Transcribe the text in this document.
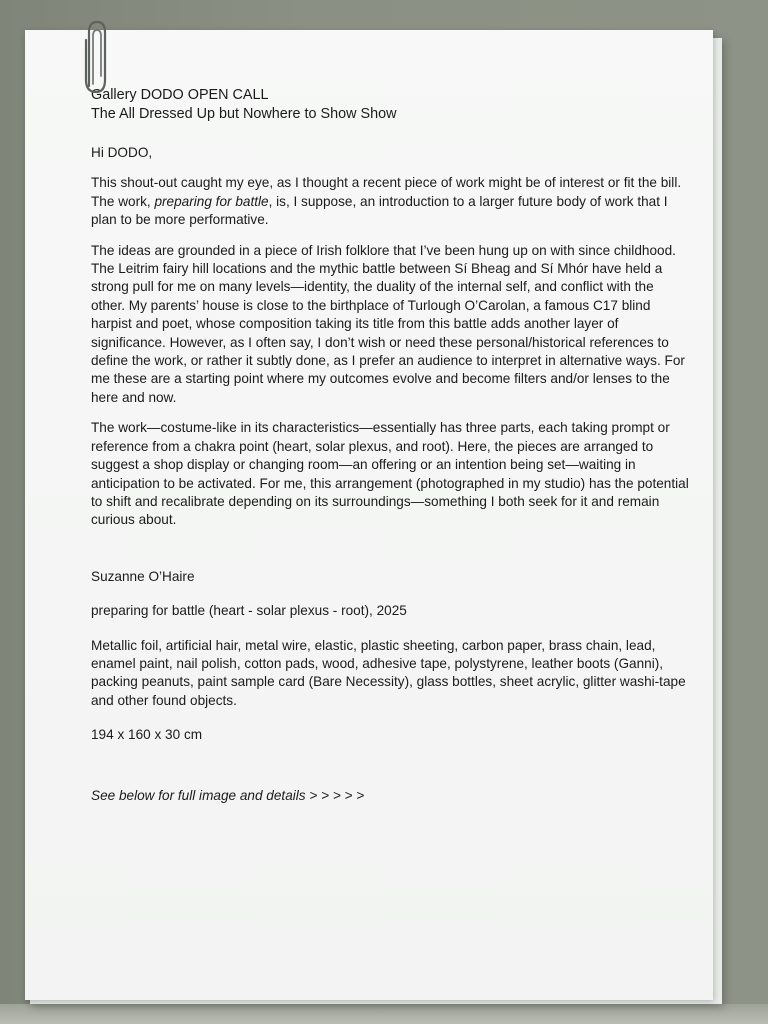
Gallery DODO OPEN CALL

The All Dressed Up but Nowhere to Show Show

Hi DODO,

This shout-out caught my eye, as I thought a recent piece of work might be of interest or fit the bill. The work, preparing for battle, is, I suppose, an introduction to a larger future body of work that I plan to be more performative.

The ideas are grounded in a piece of Irish folklore that I’ve been hung up on with since childhood. The Leitrim fairy hill locations and the mythic battle between Sí Bheag and Sí Mhór have held a strong pull for me on many levels—identity, the duality of the internal self, and conflict with the other. My parents’ house is close to the birthplace of Turlough O’Carolan, a famous C17 blind harpist and poet, whose composition taking its title from this battle adds another layer of significance. However, as I often say, I don’t wish or need these personal/historical references to define the work, or rather it subtly done, as I prefer an audience to interpret in alternative ways. For me these are a starting point where my outcomes evolve and become filters and/or lenses to the here and now.

The work—costume-like in its characteristics—essentially has three parts, each taking prompt or reference from a chakra point (heart, solar plexus, and root). Here, the pieces are arranged to suggest a shop display or changing room—an offering or an intention being set—waiting in anticipation to be activated. For me, this arrangement (photographed in my studio) has the potential to shift and recalibrate depending on its surroundings—something I both seek for it and remain curious about.

Suzanne O’Haire

preparing for battle (heart - solar plexus - root), 2025

Metallic foil, artificial hair, metal wire, elastic, plastic sheeting, carbon paper, brass chain, lead, enamel paint, nail polish, cotton pads, wood, adhesive tape, polystyrene, leather boots (Ganni), packing peanuts, paint sample card (Bare Necessity), glass bottles, sheet acrylic, glitter washi-tape and other found objects.

194 x 160 x 30 cm

See below for full image and details > > > > >
